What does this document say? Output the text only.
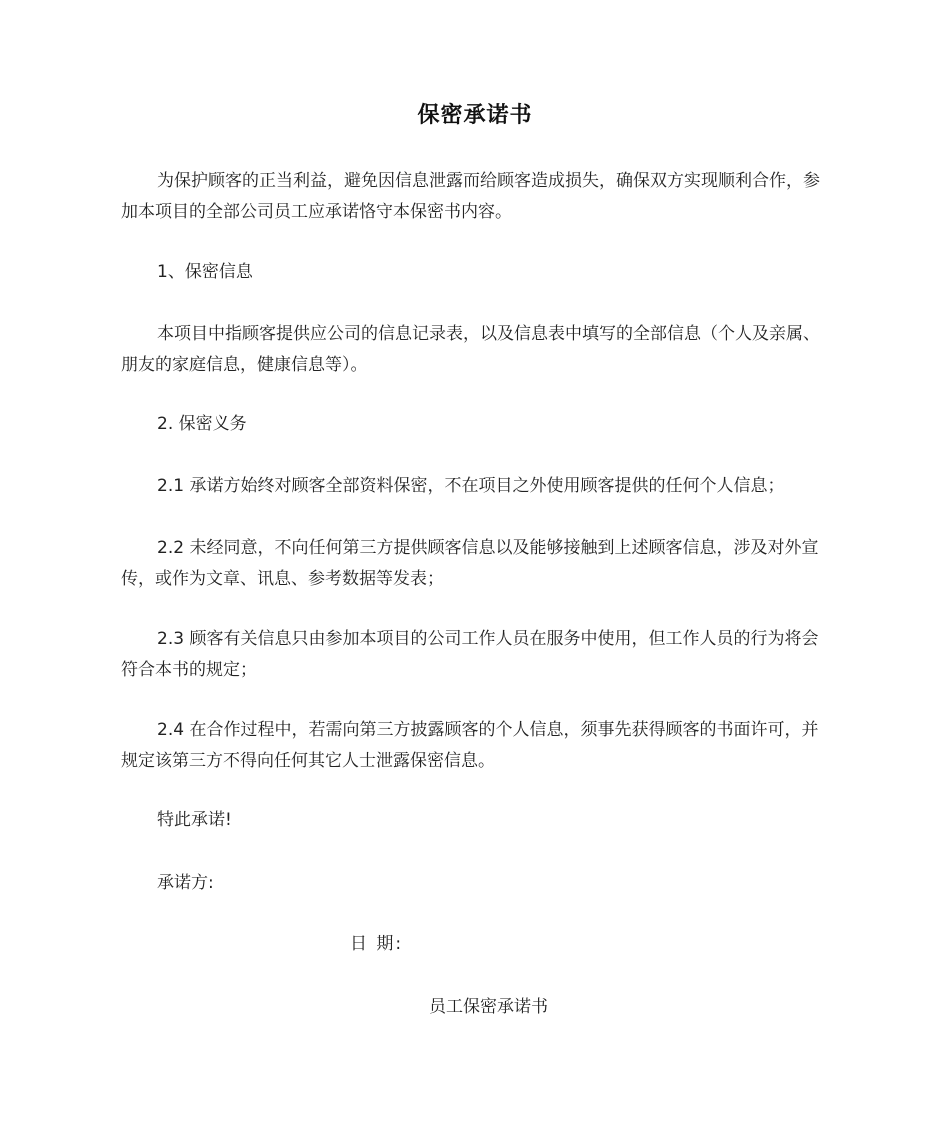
保密承诺书

为保护顾客的正当利益，避免因信息泄露而给顾客造成损失，确保双方实现顺利合作，参加本项目的全部公司员工应承诺恪守本保密书内容。

1、保密信息

本项目中指顾客提供应公司的信息记录表，以及信息表中填写的全部信息（个人及亲属、朋友的家庭信息，健康信息等）。

2. 保密义务

2.1 承诺方始终对顾客全部资料保密，不在项目之外使用顾客提供的任何个人信息；

2.2 未经同意，不向任何第三方提供顾客信息以及能够接触到上述顾客信息，涉及对外宣传，或作为文章、讯息、参考数据等发表；

2.3 顾客有关信息只由参加本项目的公司工作人员在服务中使用，但工作人员的行为将会符合本书的规定；

2.4 在合作过程中，若需向第三方披露顾客的个人信息，须事先获得顾客的书面许可，并规定该第三方不得向任何其它人士泄露保密信息。

特此承诺!

承诺方:

日 期:
员工保密承诺书
